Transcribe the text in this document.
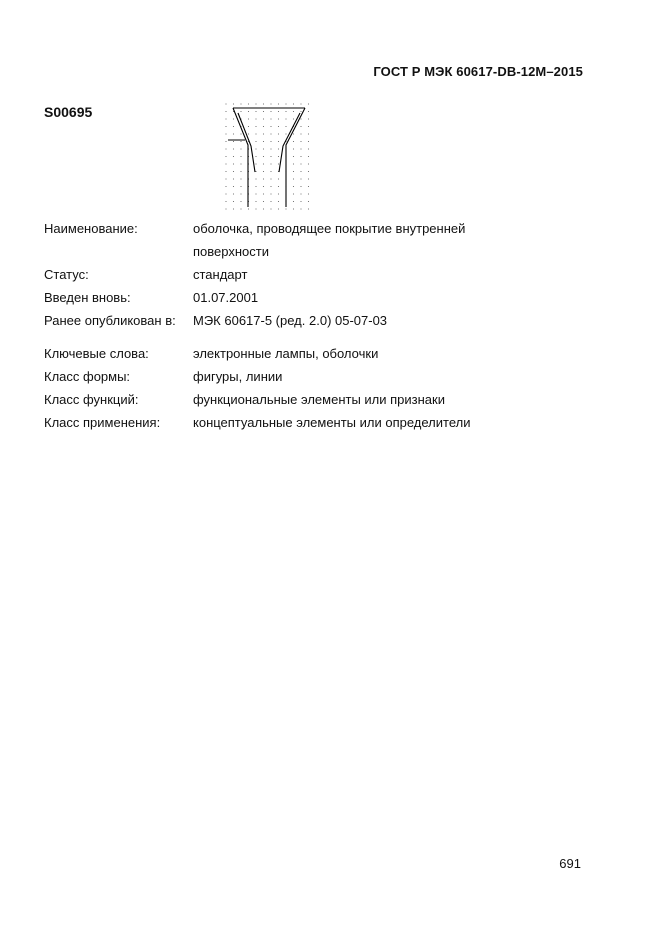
ГОСТ Р МЭК 60617-DB-12M–2015
S00695
Наименование:	оболочка, проводящее покрытие внутренней
поверхности
Статус:	стандарт
Введен вновь:	01.07.2001
Ранее опубликован в:	МЭК 60617-5 (ред. 2.0) 05-07-03
Ключевые слова:	электронные лампы, оболочки
Класс формы:	фигуры, линии
Класс функций:	функциональные элементы или признаки
Класс применения:	концептуальные элементы или определители
691
